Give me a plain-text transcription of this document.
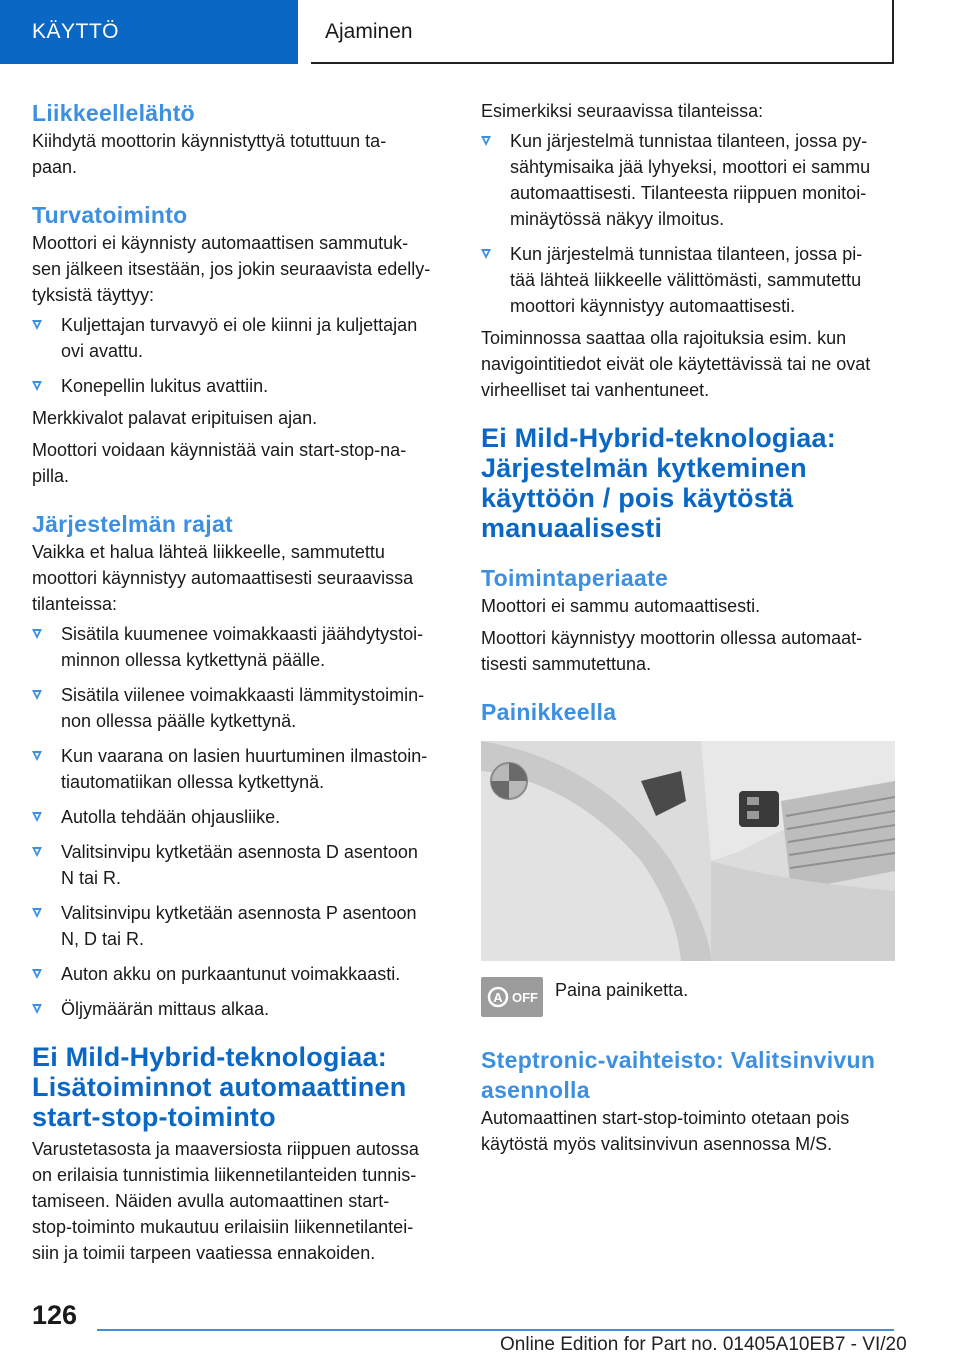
KÄYTTÖ	Ajaminen
Liikkeellelähtö

Kiihdytä moottorin käynnistyttyä totuttuun ta-
paan.

Turvatoiminto

Moottori ei käynnisty automaattisen sammutuk-
sen jälkeen itsestään, jos jokin seuraavista edelly-
tyksistä täyttyy:

Kuljettajan turvavyö ei ole kiinni ja kuljettajan
ovi avattu.
Konepellin lukitus avattiin.

Merkkivalot palavat eripituisen ajan.

Moottori voidaan käynnistää vain start-stop-na-
pilla.

Järjestelmän rajat

Vaikka et halua lähteä liikkeelle, sammutettu
moottori käynnistyy automaattisesti seuraavissa
tilanteissa:

Sisätila kuumenee voimakkaasti jäähdytystoi-
minnon ollessa kytkettynä päälle.
Sisätila viilenee voimakkaasti lämmitystoimin-
non ollessa päälle kytkettynä.
Kun vaarana on lasien huurtuminen ilmastoin-
tiautomatiikan ollessa kytkettynä.
Autolla tehdään ohjausliike.
Valitsinvipu kytketään asennosta D asentoon
N tai R.
Valitsinvipu kytketään asennosta P asentoon
N, D tai R.
Auton akku on purkaantunut voimakkaasti.
Öljymäärän mittaus alkaa.
Ei Mild-Hybrid-teknologiaa:
Lisätoiminnot automaattinen
start-stop-toiminto

Varustetasosta ja maaversiosta riippuen autossa
on erilaisia tunnistimia liikennetilanteiden tunnis-
tamiseen. Näiden avulla automaattinen start-
stop-toiminto mukautuu erilaisiin liikennetilantei-
siin ja toimii tarpeen vaatiessa ennakoiden.

Esimerkiksi seuraavissa tilanteissa:

Kun järjestelmä tunnistaa tilanteen, jossa py-
sähtymisaika jää lyhyeksi, moottori ei sammu
automaattisesti. Tilanteesta riippuen monitoi-
minäytössä näkyy ilmoitus.
Kun järjestelmä tunnistaa tilanteen, jossa pi-
tää lähteä liikkeelle välittömästi, sammutettu
moottori käynnistyy automaattisesti.

Toiminnossa saattaa olla rajoituksia esim. kun
navigointitiedot eivät ole käytettävissä tai ne ovat
virheelliset tai vanhentuneet.

Ei Mild-Hybrid-teknologiaa:
Järjestelmän kytkeminen
käyttöön / pois käytöstä
manuaalisesti
Toimintaperiaate

Moottori ei sammu automaattisesti.

Moottori käynnistyy moottorin ollessa automaat-
tisesti sammutettuna.

Painikkeella
A OFF Paina painiketta.
Steptronic-vaihteisto: Valitsinvivun
asennolla

Automaattinen start-stop-toiminto otetaan pois
käytöstä myös valitsinvivun asennossa M/S.

126
Online Edition for Part no. 01405A10EB7 - VI/20
